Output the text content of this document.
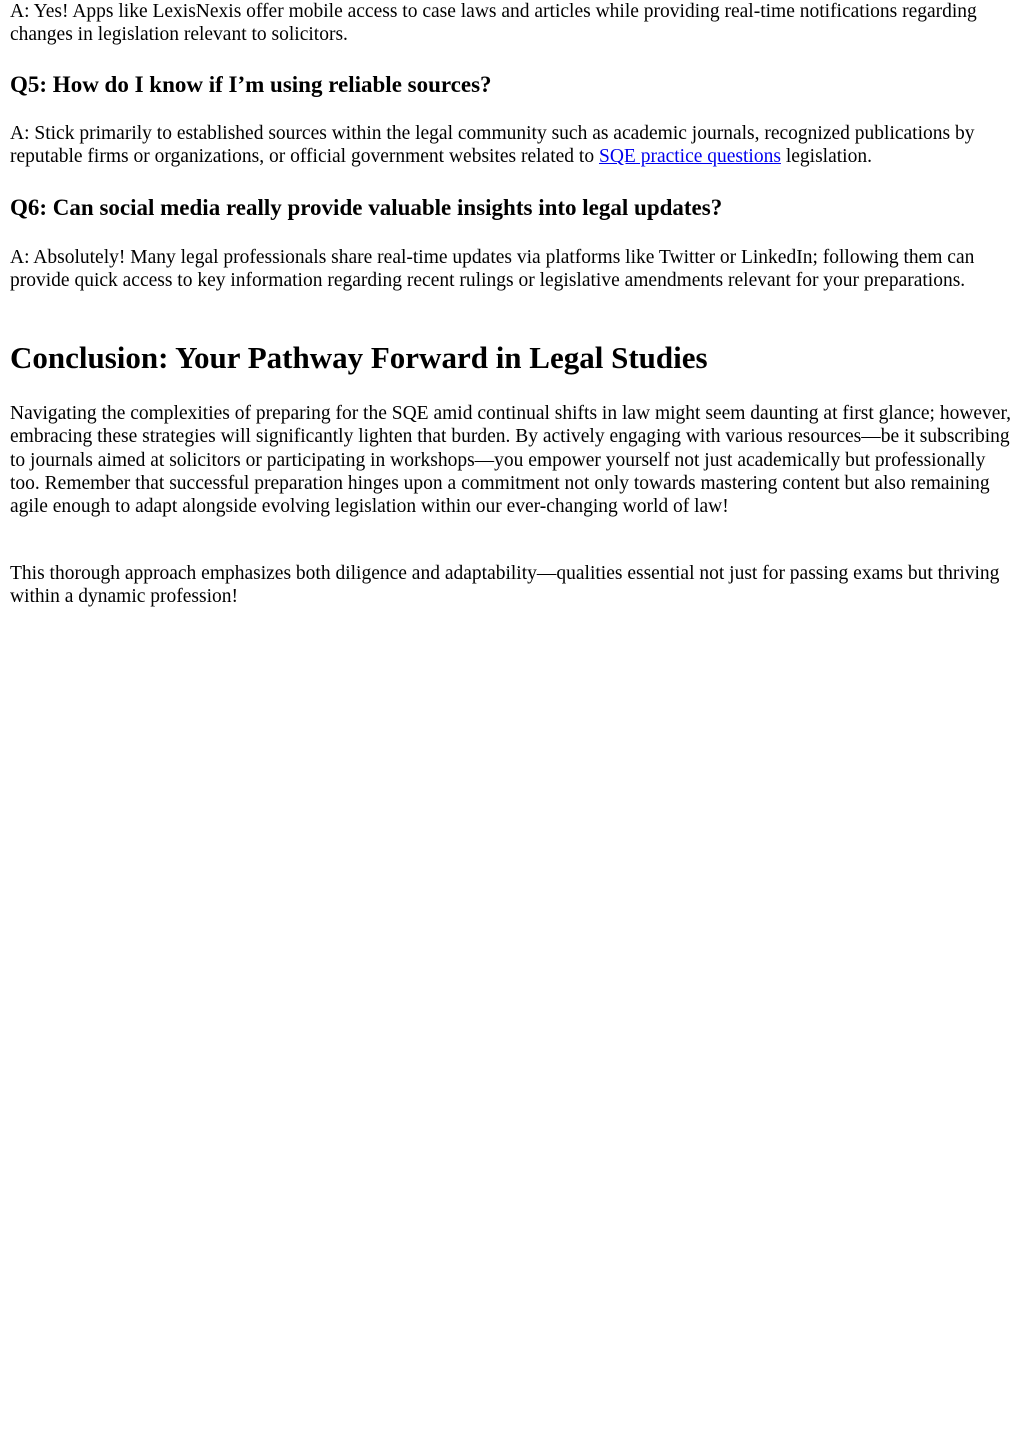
A: Yes! Apps like LexisNexis offer mobile access to case laws and articles while providing real-time notifications regarding changes in legislation relevant to solicitors.

Q5: How do I know if I’m using reliable sources?

A: Stick primarily to established sources within the legal community such as academic journals, recognized publications by reputable firms or organizations, or official government websites related to SQE practice questions legislation.

Q6: Can social media really provide valuable insights into legal updates?

A: Absolutely! Many legal professionals share real-time updates via platforms like Twitter or LinkedIn; following them can provide quick access to key information regarding recent rulings or legislative amendments relevant for your preparations.

Conclusion: Your Pathway Forward in Legal Studies

Navigating the complexities of preparing for the SQE amid continual shifts in law might seem daunting at first glance; however, embracing these strategies will significantly lighten that burden. By actively engaging with various resources—be it subscribing to journals aimed at solicitors or participating in workshops—you empower yourself not just academically but professionally too. Remember that successful preparation hinges upon a commitment not only towards mastering content but also remaining agile enough to adapt alongside evolving legislation within our ever-changing world of law!

This thorough approach emphasizes both diligence and adaptability—qualities essential not just for passing exams but thriving within a dynamic profession!
